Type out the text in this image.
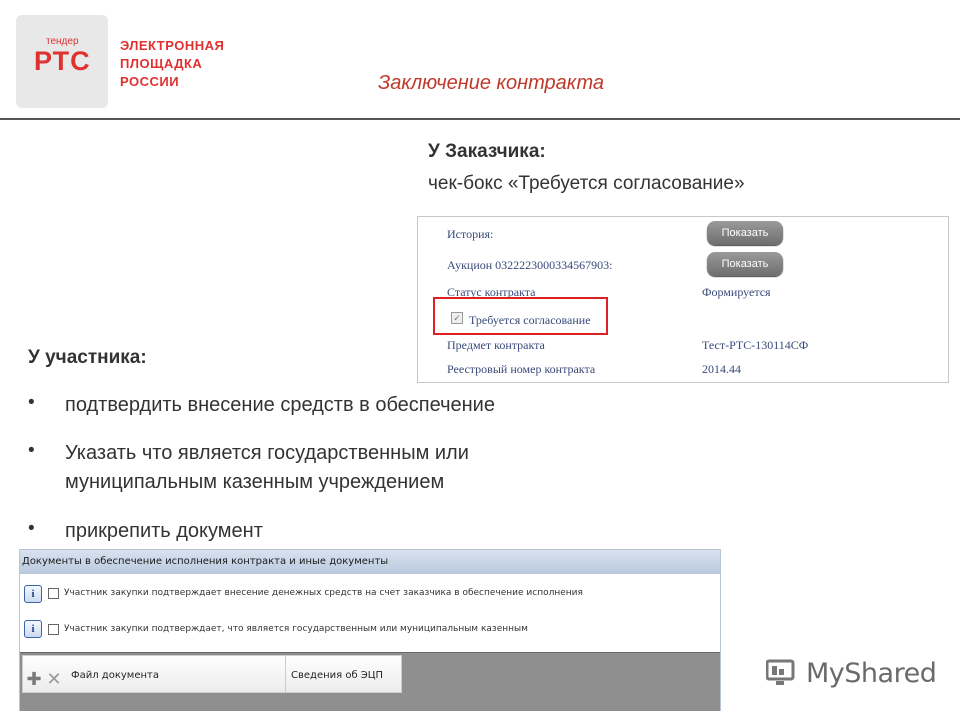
тендер
РТС
ЭЛЕКТРОННАЯ
ПЛОЩАДКА
РОССИИ	Заключение контракта
У Заказчика:
чек-бокс «Требуется согласование»
История:	Показать
Аукцион 0322223000334567903:	Показать
Статус контракта	Формируется
✓ Требуется согласование
Предмет контракта	Тест-РТС-130114СФ
Реестровый номер контракта	2014.44
У участника:
• подтвердить внесение средств в обеспечение
• Указать что является государственным или
муниципальным казенным учреждением
• прикрепить документ
Документы в обеспечение исполнения контракта и иные документы
i	Участник закупки подтверждает внесение денежных средств на счет заказчика в обеспечение исполнения
i	Участник закупки подтверждает, что является государственным или муниципальным казенным
✚ ✕ Файл документа	Сведения об ЭЦП	MyShared
